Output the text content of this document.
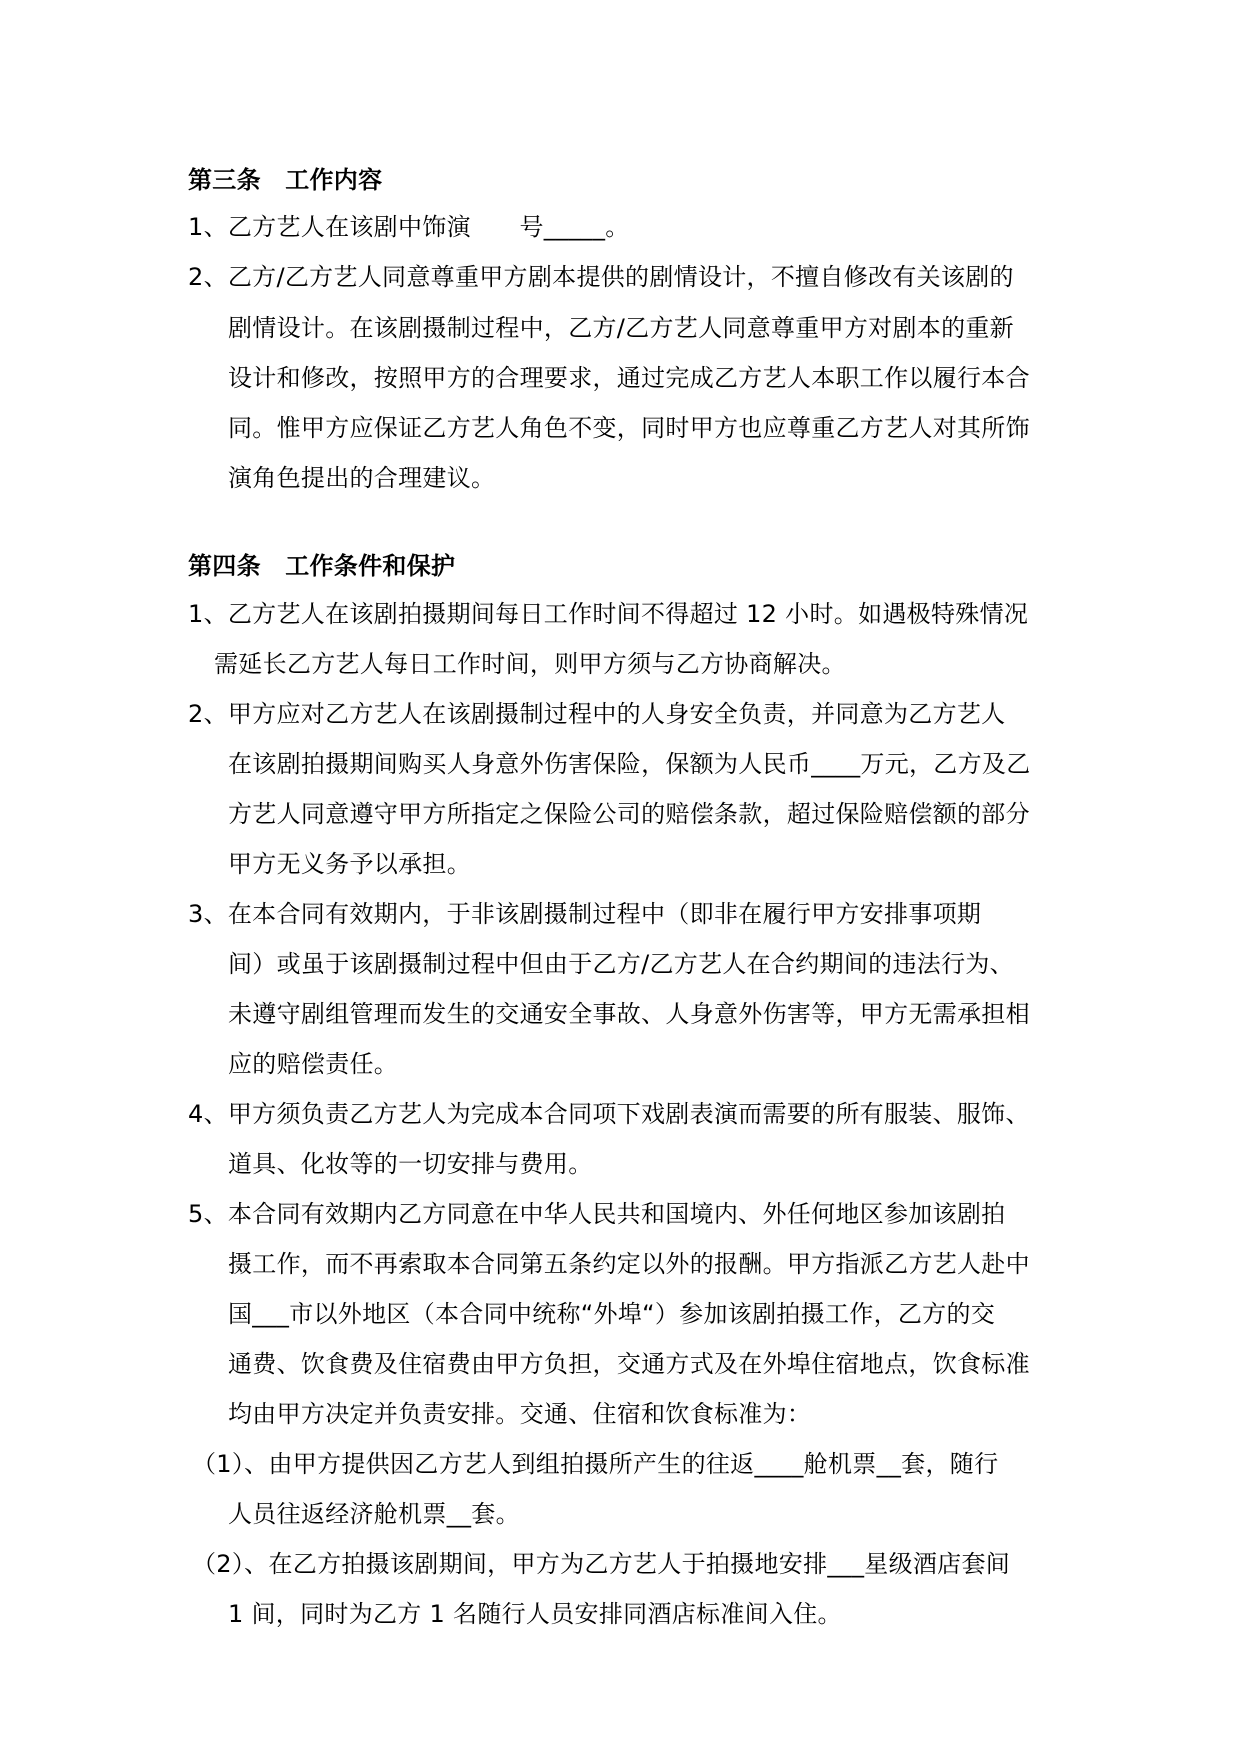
第三条　工作内容
1、乙方艺人在该剧中饰演　　号_____。
2、乙方/乙方艺人同意尊重甲方剧本提供的剧情设计，不擅自修改有关该剧的
剧情设计。在该剧摄制过程中，乙方/乙方艺人同意尊重甲方对剧本的重新
设计和修改，按照甲方的合理要求，通过完成乙方艺人本职工作以履行本合
同。惟甲方应保证乙方艺人角色不变，同时甲方也应尊重乙方艺人对其所饰
演角色提出的合理建议。
第四条　工作条件和保护
1、乙方艺人在该剧拍摄期间每日工作时间不得超过 12 小时。如遇极特殊情况
需延长乙方艺人每日工作时间，则甲方须与乙方协商解决。
2、甲方应对乙方艺人在该剧摄制过程中的人身安全负责，并同意为乙方艺人
在该剧拍摄期间购买人身意外伤害保险，保额为人民币____万元，乙方及乙
方艺人同意遵守甲方所指定之保险公司的赔偿条款，超过保险赔偿额的部分
甲方无义务予以承担。
3、在本合同有效期内，于非该剧摄制过程中（即非在履行甲方安排事项期
间）或虽于该剧摄制过程中但由于乙方/乙方艺人在合约期间的违法行为、
未遵守剧组管理而发生的交通安全事故、人身意外伤害等，甲方无需承担相
应的赔偿责任。
4、甲方须负责乙方艺人为完成本合同项下戏剧表演而需要的所有服装、服饰、
道具、化妆等的一切安排与费用。
5、本合同有效期内乙方同意在中华人民共和国境内、外任何地区参加该剧拍
摄工作，而不再索取本合同第五条约定以外的报酬。甲方指派乙方艺人赴中
国___市以外地区（本合同中统称“外埠“）参加该剧拍摄工作，乙方的交
通费、饮食费及住宿费由甲方负担，交通方式及在外埠住宿地点，饮食标准
均由甲方决定并负责安排。交通、住宿和饮食标准为：
（1）、由甲方提供因乙方艺人到组拍摄所产生的往返____舱机票__套，随行
人员往返经济舱机票__套。
（2）、在乙方拍摄该剧期间，甲方为乙方艺人于拍摄地安排___星级酒店套间
1 间，同时为乙方 1 名随行人员安排同酒店标准间入住。
